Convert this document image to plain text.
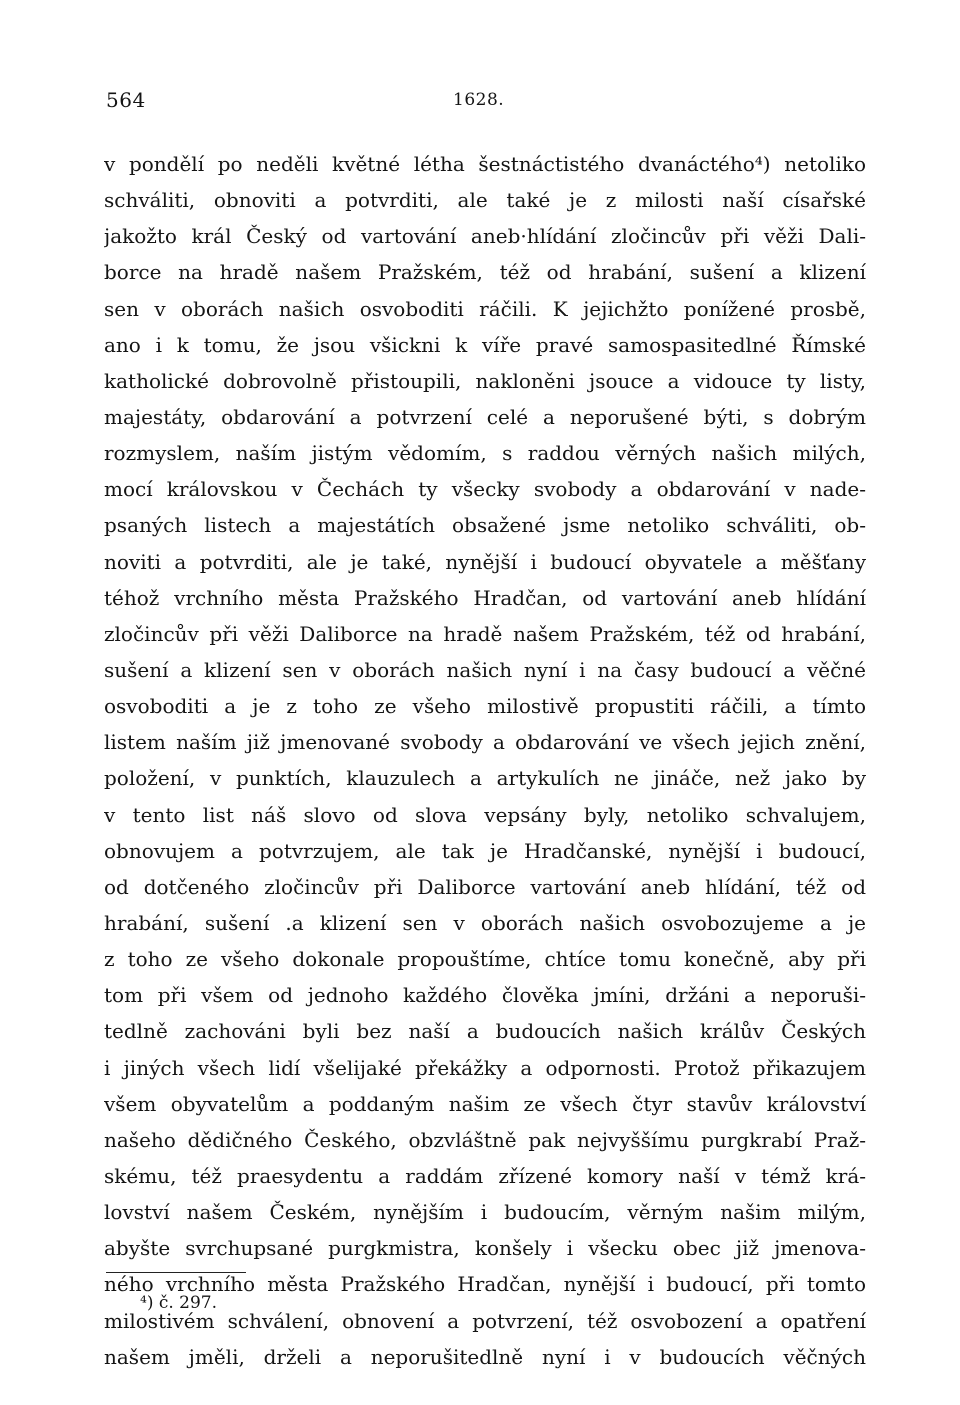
564	1628.
v pondělí po neděli květné létha šestnáctistého dvanáctého⁴) netoliko
schváliti, obnoviti a potvrditi, ale také je z milosti naší císařské
jakožto král Český od vartování aneb·hlídání zločincův při věži Dali-
borce na hradě našem Pražském, též od hrabání, sušení a klizení
sen v oborách našich osvoboditi ráčili. K jejichžto ponížené prosbě,
ano i k tomu, že jsou všickni k víře pravé samospasitedlné Římské
katholické dobrovolně přistoupili, nakloněni jsouce a vidouce ty listy,
majestáty, obdarování a potvrzení celé a neporušené býti, s dobrým
rozmyslem, naším jistým vědomím, s raddou věrných našich milých,
mocí královskou v Čechách ty všecky svobody a obdarování v nade-
psaných listech a majestátích obsažené jsme netoliko schváliti, ob-
noviti a potvrditi, ale je také, nynější i budoucí obyvatele a měšťany
téhož vrchního města Pražského Hradčan, od vartování aneb hlídání
zločincův při věži Daliborce na hradě našem Pražském, též od hrabání,
sušení a klizení sen v oborách našich nyní i na časy budoucí a věčné
osvoboditi a je z toho ze všeho milostivě propustiti ráčili, a tímto
listem naším již jmenované svobody a obdarování ve všech jejich znění,
položení, v punktích, klauzulech a artykulích ne jináče, než jako by
v tento list náš slovo od slova vepsány byly, netoliko schvalujem,
obnovujem a potvrzujem, ale tak je Hradčanské, nynější i budoucí,
od dotčeného zločincův při Daliborce vartování aneb hlídání, též od
hrabání, sušení .a klizení sen v oborách našich osvobozujeme a je
z toho ze všeho dokonale propouštíme, chtíce tomu konečně, aby při
tom při všem od jednoho každého člověka jmíni, držáni a neporuši-
tedlně zachováni byli bez naší a budoucích našich králův Českých
i jiných všech lidí všelijaké překážky a odpornosti. Protož přikazujem
všem obyvatelům a poddaným našim ze všech čtyr stavův království
našeho dědičného Českého, obzvláštně pak nejvyššímu purgkrabí Praž-
skému, též praesydentu a raddám zřízené komory naší v témž krá-
lovství našem Českém, nynějším i budoucím, věrným našim milým,
abyšte svrchupsané purgkmistra, konšely i všecku obec již jmenova-
ného vrchního města Pražského Hradčan, nynější i budoucí, při tomto
milostivém schválení, obnovení a potvrzení, též osvobození a opatření
našem jměli, drželi a neporušitedlně nyní i v budoucích věčných
⁴) č. 297.
